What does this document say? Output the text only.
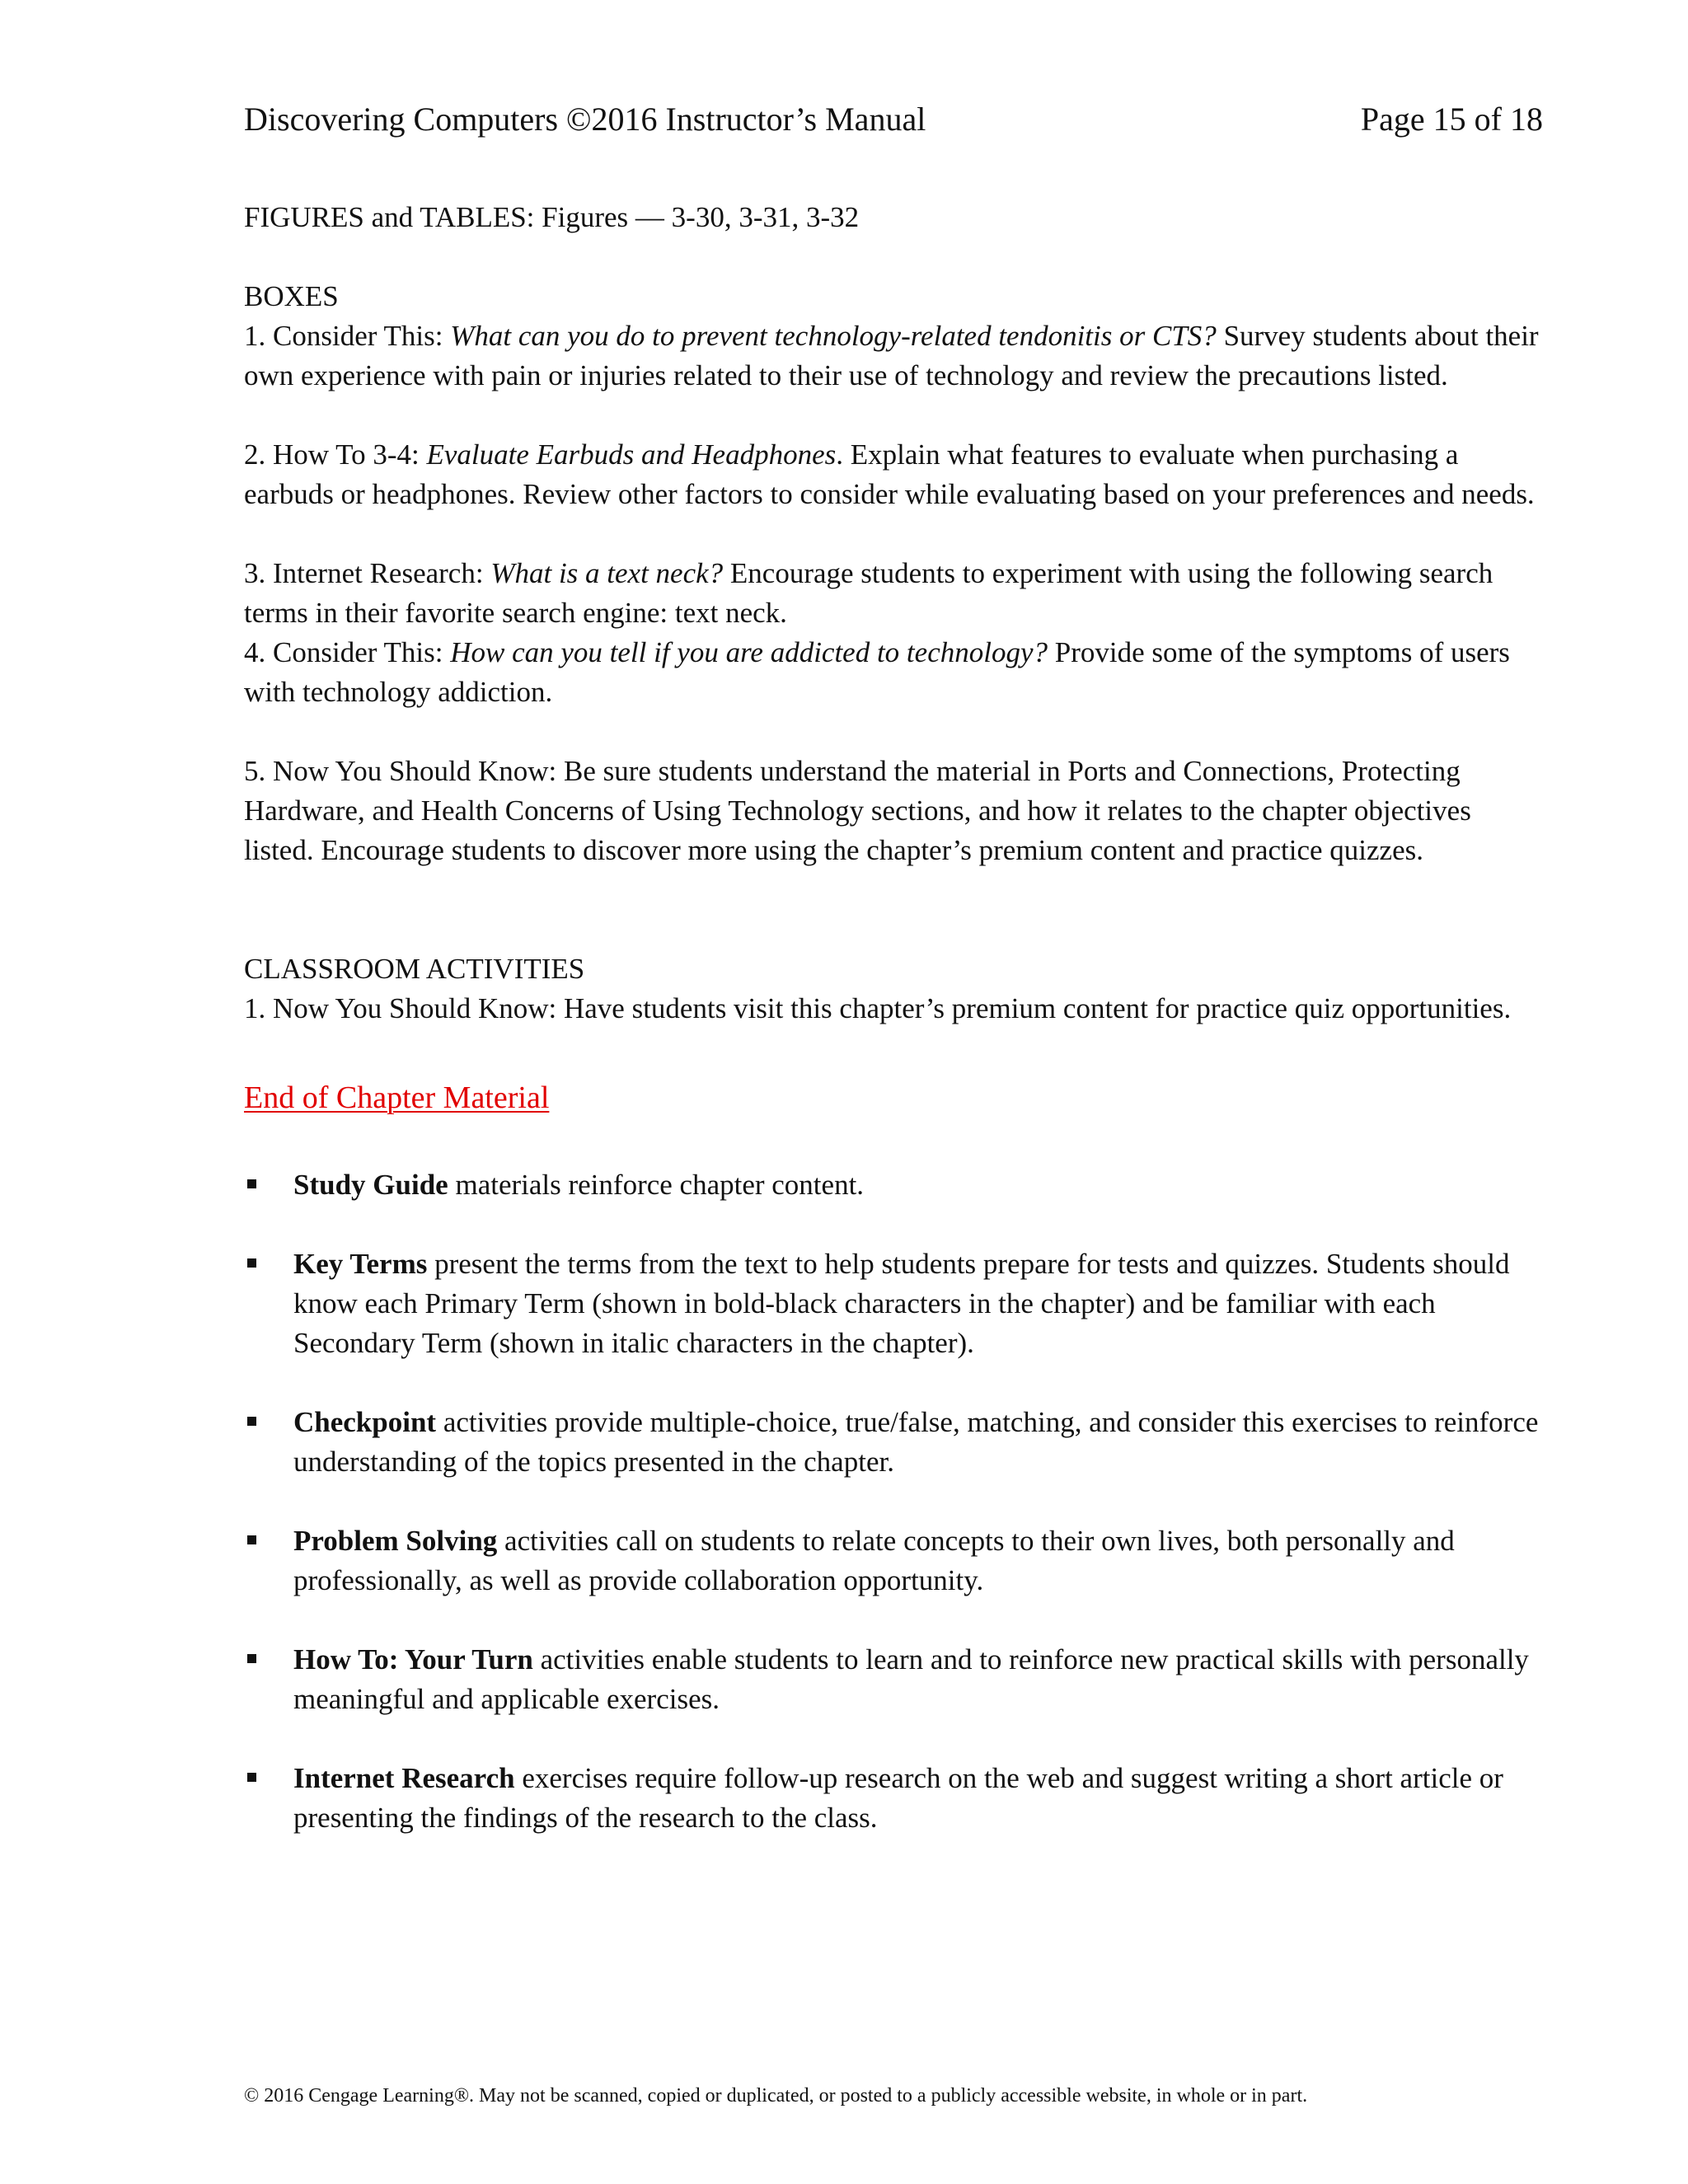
Discovering Computers ©2016 Instructor’s Manual	Page 15 of 18

FIGURES and TABLES: Figures — 3-30, 3-31, 3-32

BOXES

1. Consider This: What can you do to prevent technology-related tendonitis or CTS? Survey students about their own experience with pain or injuries related to their use of technology and review the precautions listed.

2. How To 3-4: Evaluate Earbuds and Headphones. Explain what features to evaluate when purchasing a earbuds or headphones. Review other factors to consider while evaluating based on your preferences and needs.

3. Internet Research: What is a text neck? Encourage students to experiment with using the following search terms in their favorite search engine: text neck.

4. Consider This: How can you tell if you are addicted to technology? Provide some of the symptoms of users with technology addiction.

5. Now You Should Know: Be sure students understand the material in Ports and Connections, Protecting Hardware, and Health Concerns of Using Technology sections, and how it relates to the chapter objectives listed. Encourage students to discover more using the chapter’s premium content and practice quizzes.

CLASSROOM ACTIVITIES

1. Now You Should Know: Have students visit this chapter’s premium content for practice quiz opportunities.

End of Chapter Material

Study Guide materials reinforce chapter content.
Key Terms present the terms from the text to help students prepare for tests and quizzes. Students should know each Primary Term (shown in bold-black characters in the chapter) and be familiar with each Secondary Term (shown in italic characters in the chapter).
Checkpoint activities provide multiple-choice, true/false, matching, and consider this exercises to reinforce understanding of the topics presented in the chapter.
Problem Solving activities call on students to relate concepts to their own lives, both personally and professionally, as well as provide collaboration opportunity.
How To: Your Turn activities enable students to learn and to reinforce new practical skills with personally meaningful and applicable exercises.
Internet Research exercises require follow-up research on the web and suggest writing a short article or presenting the findings of the research to the class.
© 2016 Cengage Learning®. May not be scanned, copied or duplicated, or posted to a publicly accessible website, in whole or in part.
